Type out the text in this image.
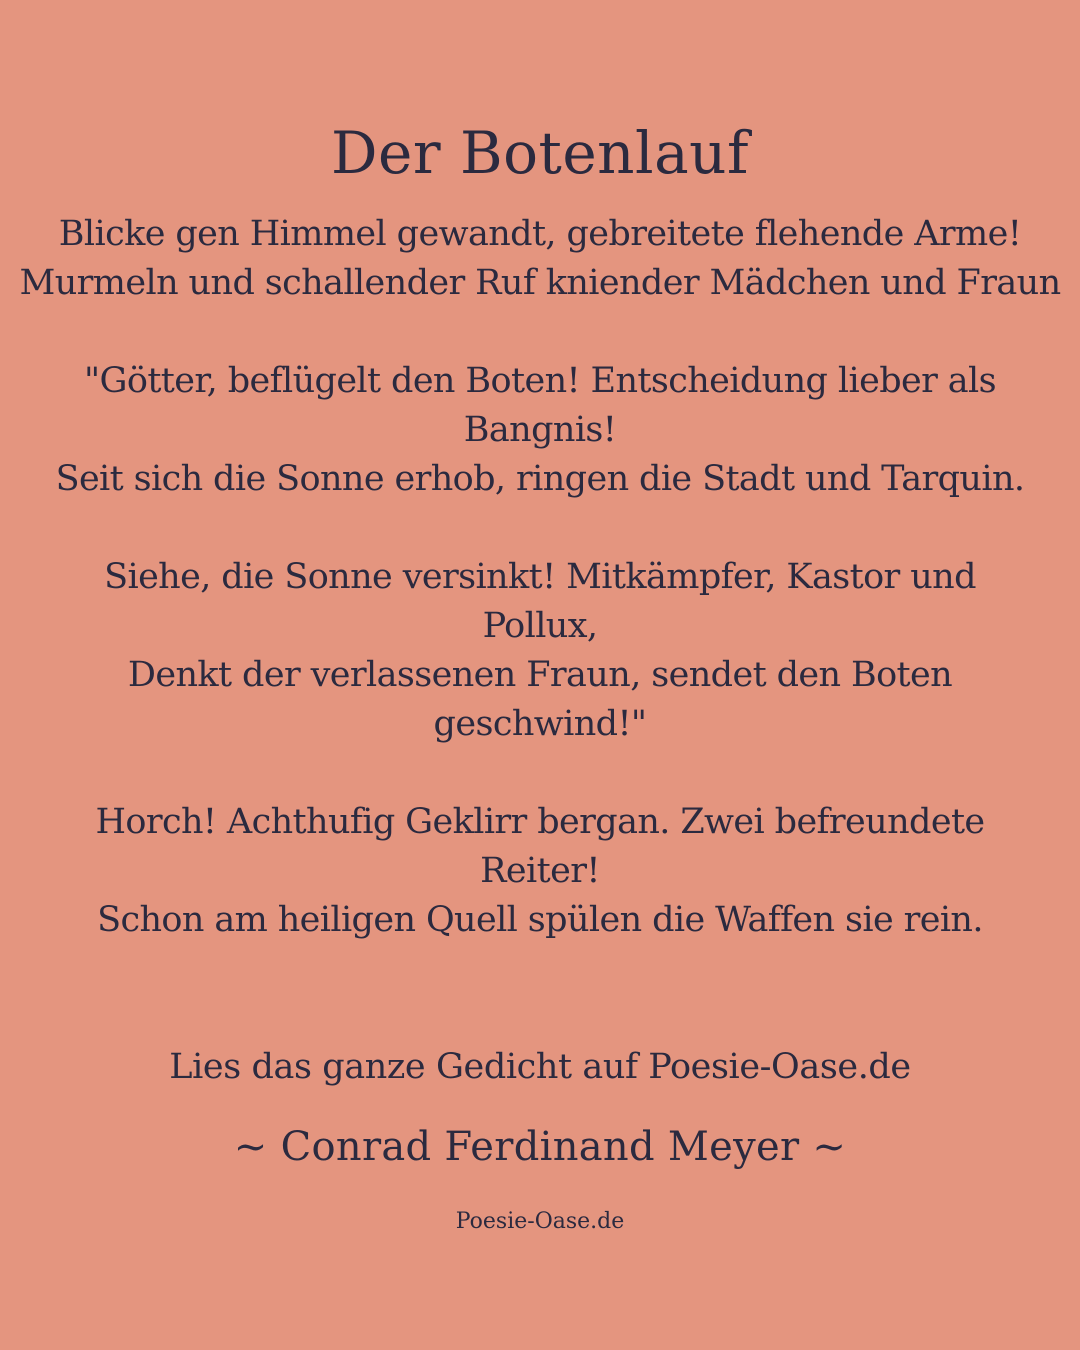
Der Botenlauf
Blicke gen Himmel gewandt, gebreitete flehende Arme!
Murmeln und schallender Ruf kniender Mädchen und Fraun
"Götter, beflügelt den Boten! Entscheidung lieber als
Bangnis!
Seit sich die Sonne erhob, ringen die Stadt und Tarquin.
Siehe, die Sonne versinkt! Mitkämpfer, Kastor und
Pollux,
Denkt der verlassenen Fraun, sendet den Boten
geschwind!"
Horch! Achthufig Geklirr bergan. Zwei befreundete
Reiter!
Schon am heiligen Quell spülen die Waffen sie rein.
Lies das ganze Gedicht auf Poesie-Oase.de
~ Conrad Ferdinand Meyer ~
Poesie-Oase.de
